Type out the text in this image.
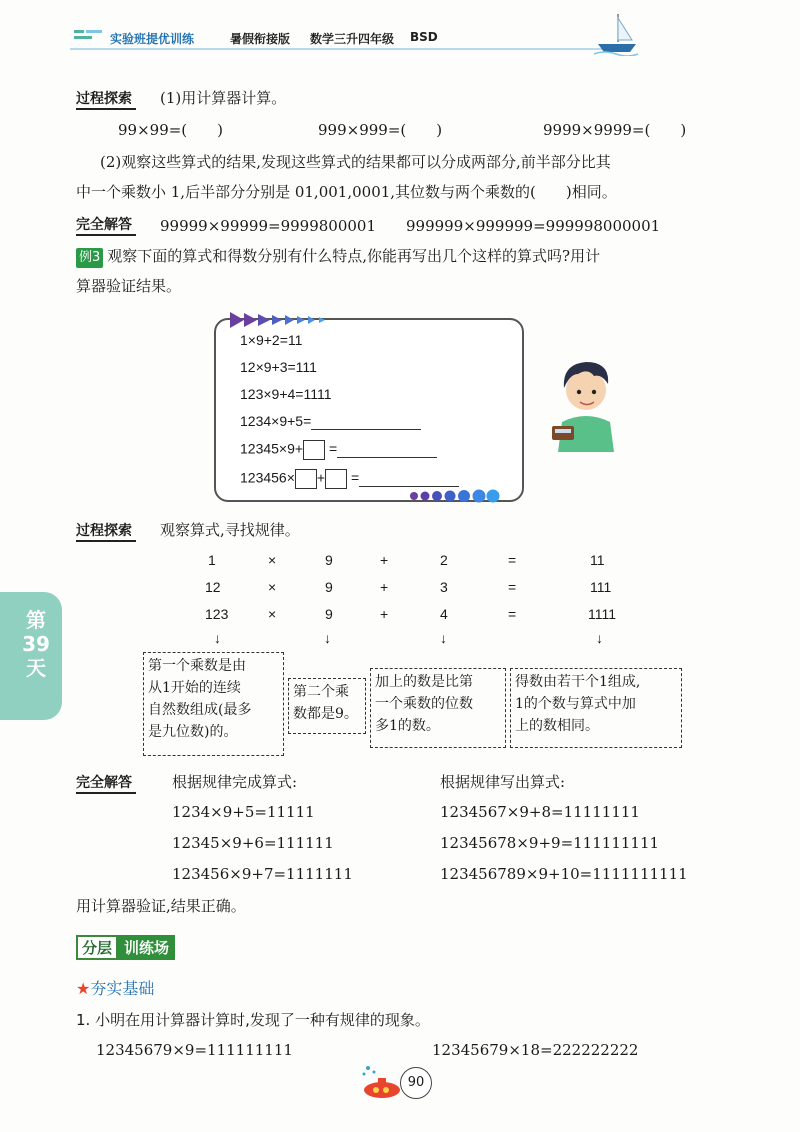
实验班提优训练	暑假衔接版 数学三升四年级 BSD
过程探索 (1)用计算器计算。
99×99=(　　)	999×999=(　　)	9999×9999=(　　)
(2)观察这些算式的结果,发现这些算式的结果都可以分成两部分,前半部分比其
中一个乘数小 1,后半部分分别是 01,001,0001,其位数与两个乘数的(　　)相同。
完全解答 99999×99999=9999800001　　999999×999999=999998000001
例3 观察下面的算式和得数分别有什么特点,你能再写出几个这样的算式吗?用计
算器验证结果。
1×9+2=11
12×9+3=111
123×9+4=1111
1234×9+5=
12345×9+ =
123456× + =
过程探索 观察算式,寻找规律。
1	×	9	+	2	=	11
12	×	9	+	3	=	111
123	×	9	+	4	=	1111
↓	↓	↓	↓
第一个乘数是由
从1开始的连续
自然数组成(最多
是九位数)的。
第二个乘
数都是9。
加上的数是比第
一个乘数的位数
多1的数。
得数由若干个1组成,
1的个数与算式中加
上的数相同。
完全解答	根据规律完成算式:
1234×9+5=11111
12345×9+6=111111
123456×9+7=1111111
根据规律写出算式:
1234567×9+8=11111111
12345678×9+9=111111111
123456789×9+10=1111111111
用计算器验证,结果正确。
第
39
天
分层 训练场
★夯实基础
1. 小明在用计算器计算时,发现了一种有规律的现象。
12345679×9=111111111	12345679×18=222222222
90
